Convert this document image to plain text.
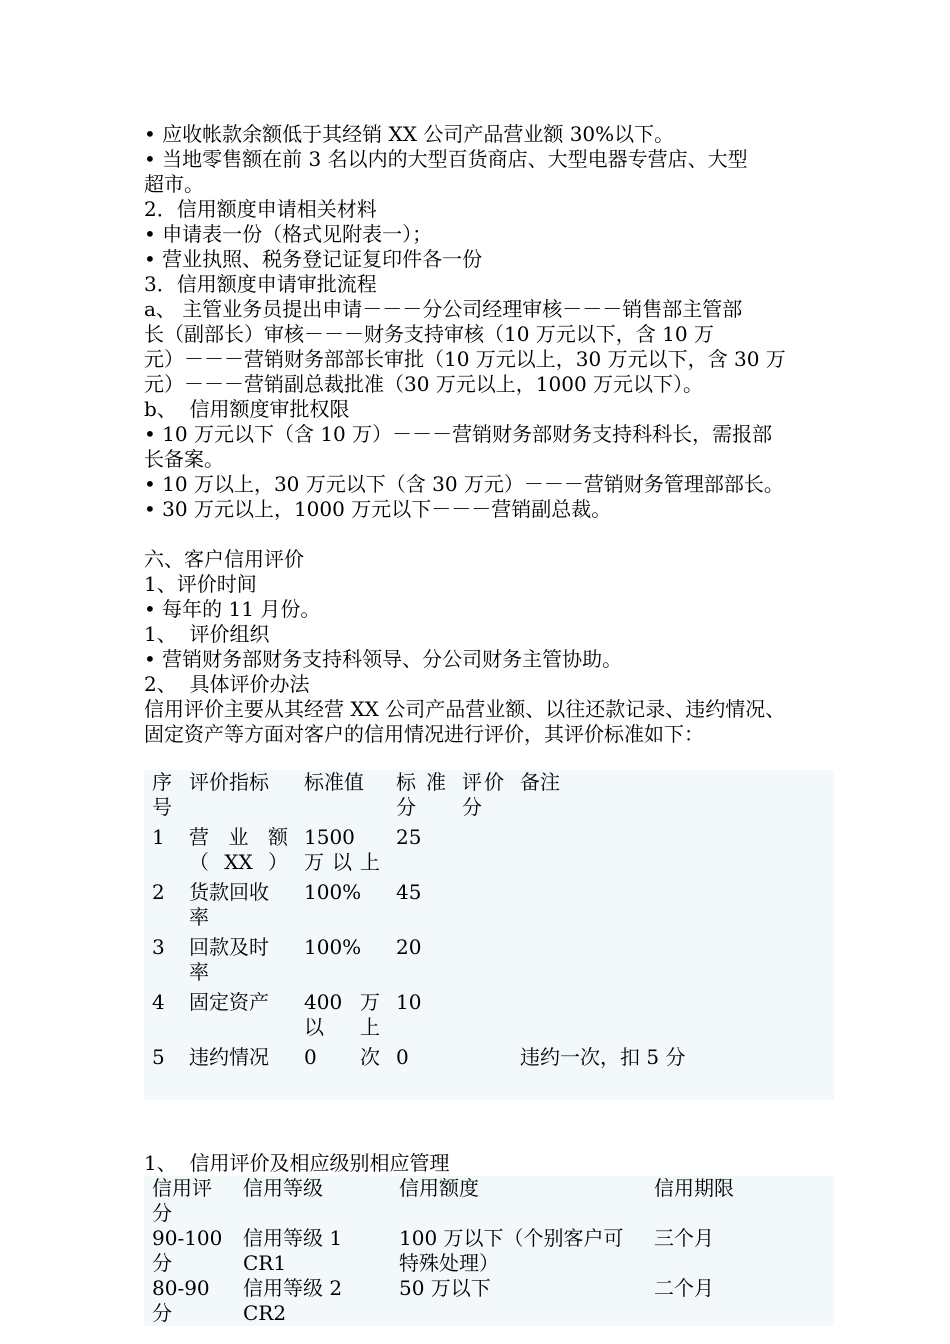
• 应收帐款余额低于其经销 XX 公司产品营业额 30%以下。

• 当地零售额在前 3 名以内的大型百货商店、大型电器专营店、大型

超市。

2．信用额度申请相关材料

• 申请表一份（格式见附表一）；

• 营业执照、税务登记证复印件各一份

3．信用额度申请审批流程

a、 主管业务员提出申请－－－分公司经理审核－－－销售部主管部

长（副部长）审核－－－财务支持审核（10 万元以下，含 10 万

元）－－－营销财务部部长审批（10 万元以上，30 万元以下，含 30 万

元）－－－营销副总裁批准（30 万元以上，1000 万元以下）。

b、  信用额度审批权限

• 10 万元以下（含 10 万）－－－营销财务部财务支持科科长，需报部

长备案。

• 10 万以上，30 万元以下（含 30 万元）－－－营销财务管理部部长。

• 30 万元以上，1000 万元以下－－－营销副总裁。

六、客户信用评价

1、评价时间

• 每年的 11 月份。

1、  评价组织

• 营销财务部财务支持科领导、分公司财务主管协助。

2、  具体评价办法

信用评价主要从其经营 XX 公司产品营业额、以往还款记录、违约情况、

固定资产等方面对客户的信用情况进行评价，其评价标准如下：

序号	评价指标	标准值	标准分	评价分	备注
1	营业额（XX）	1500 万以上	25		
2	货款回收率	100%	45		
3	回款及时率	100%	20		
4	固定资产	400 万以上	10		
5	违约情况	0 次	0		违约一次，扣 5 分

1、  信用评价及相应级别相应管理

信用评分	信用等级	信用额度	信用期限
90-100 分	信用等级 1 CR1	100 万以下（个别客户可特殊处理）	三个月
80-90 分	信用等级 2 CR2	50 万以下	二个月
